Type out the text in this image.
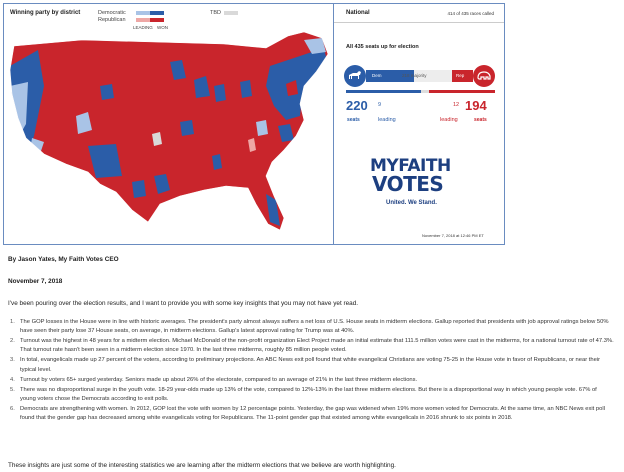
Winning party by district	Democratic
Republican
LEADING WON
TBD	National	414 of 435 races called
All 435 seats up for election
Dem	218 majority	Rep
220 9
seats	leading
194
12
seats
leading
MYFAITH
VOTES
United. We Stand.
November 7, 2018 at 12:46 PM ET
By Jason Yates, My Faith Votes CEO
November 7, 2018
I've been pouring over the election results, and I want to provide you with some key insights that you may not have yet read.
1. The GOP losses in the House were in line with historic averages. The president's party almost always suffers a net loss of U.S. House seats in midterm elections. Gallup reported that presidents with job approval ratings below 50% have seen their party lose 37 House seats, on average, in midterm elections. Gallup's latest approval rating for Trump was at 40%.
2. Turnout was the highest in 48 years for a midterm election. Michael McDonald of the non-profit organization Elect Project made an initial estimate that 111.5 million votes were cast in the midterms, for a national turnout rate of 47.3%. That turnout rate hasn't been seen in a midterm election since 1970. In the last three midterms, roughly 85 million people voted.
3. In total, evangelicals made up 27 percent of the voters, according to preliminary projections. An ABC News exit poll found that white evangelical Christians are voting 75-25 in the House vote in favor of Republicans, or near their typical level.
4. Turnout by voters 65+ surged yesterday. Seniors made up about 26% of the electorate, compared to an average of 21% in the last three midterm elections.
5. There was no disproportional surge in the youth vote. 18-29 year-olds made up 13% of the vote, compared to 12%-13% in the last three midterm elections. But there is a disproportional way in which young people vote. 67% of young voters chose the Democrats according to exit polls.
6. Democrats are strengthening with women. In 2012, GOP lost the vote with women by 12 percentage points. Yesterday, the gap was widened when 19% more women voted for Democrats. At the same time, an NBC News exit poll found that the gender gap has decreased among white evangelicals voting for Republicans. The 11-point gender gap that existed among white evangelicals in 2016 shrunk to six points in 2018.
These insights are just some of the interesting statistics we are learning after the midterm elections that we believe are worth highlighting.
